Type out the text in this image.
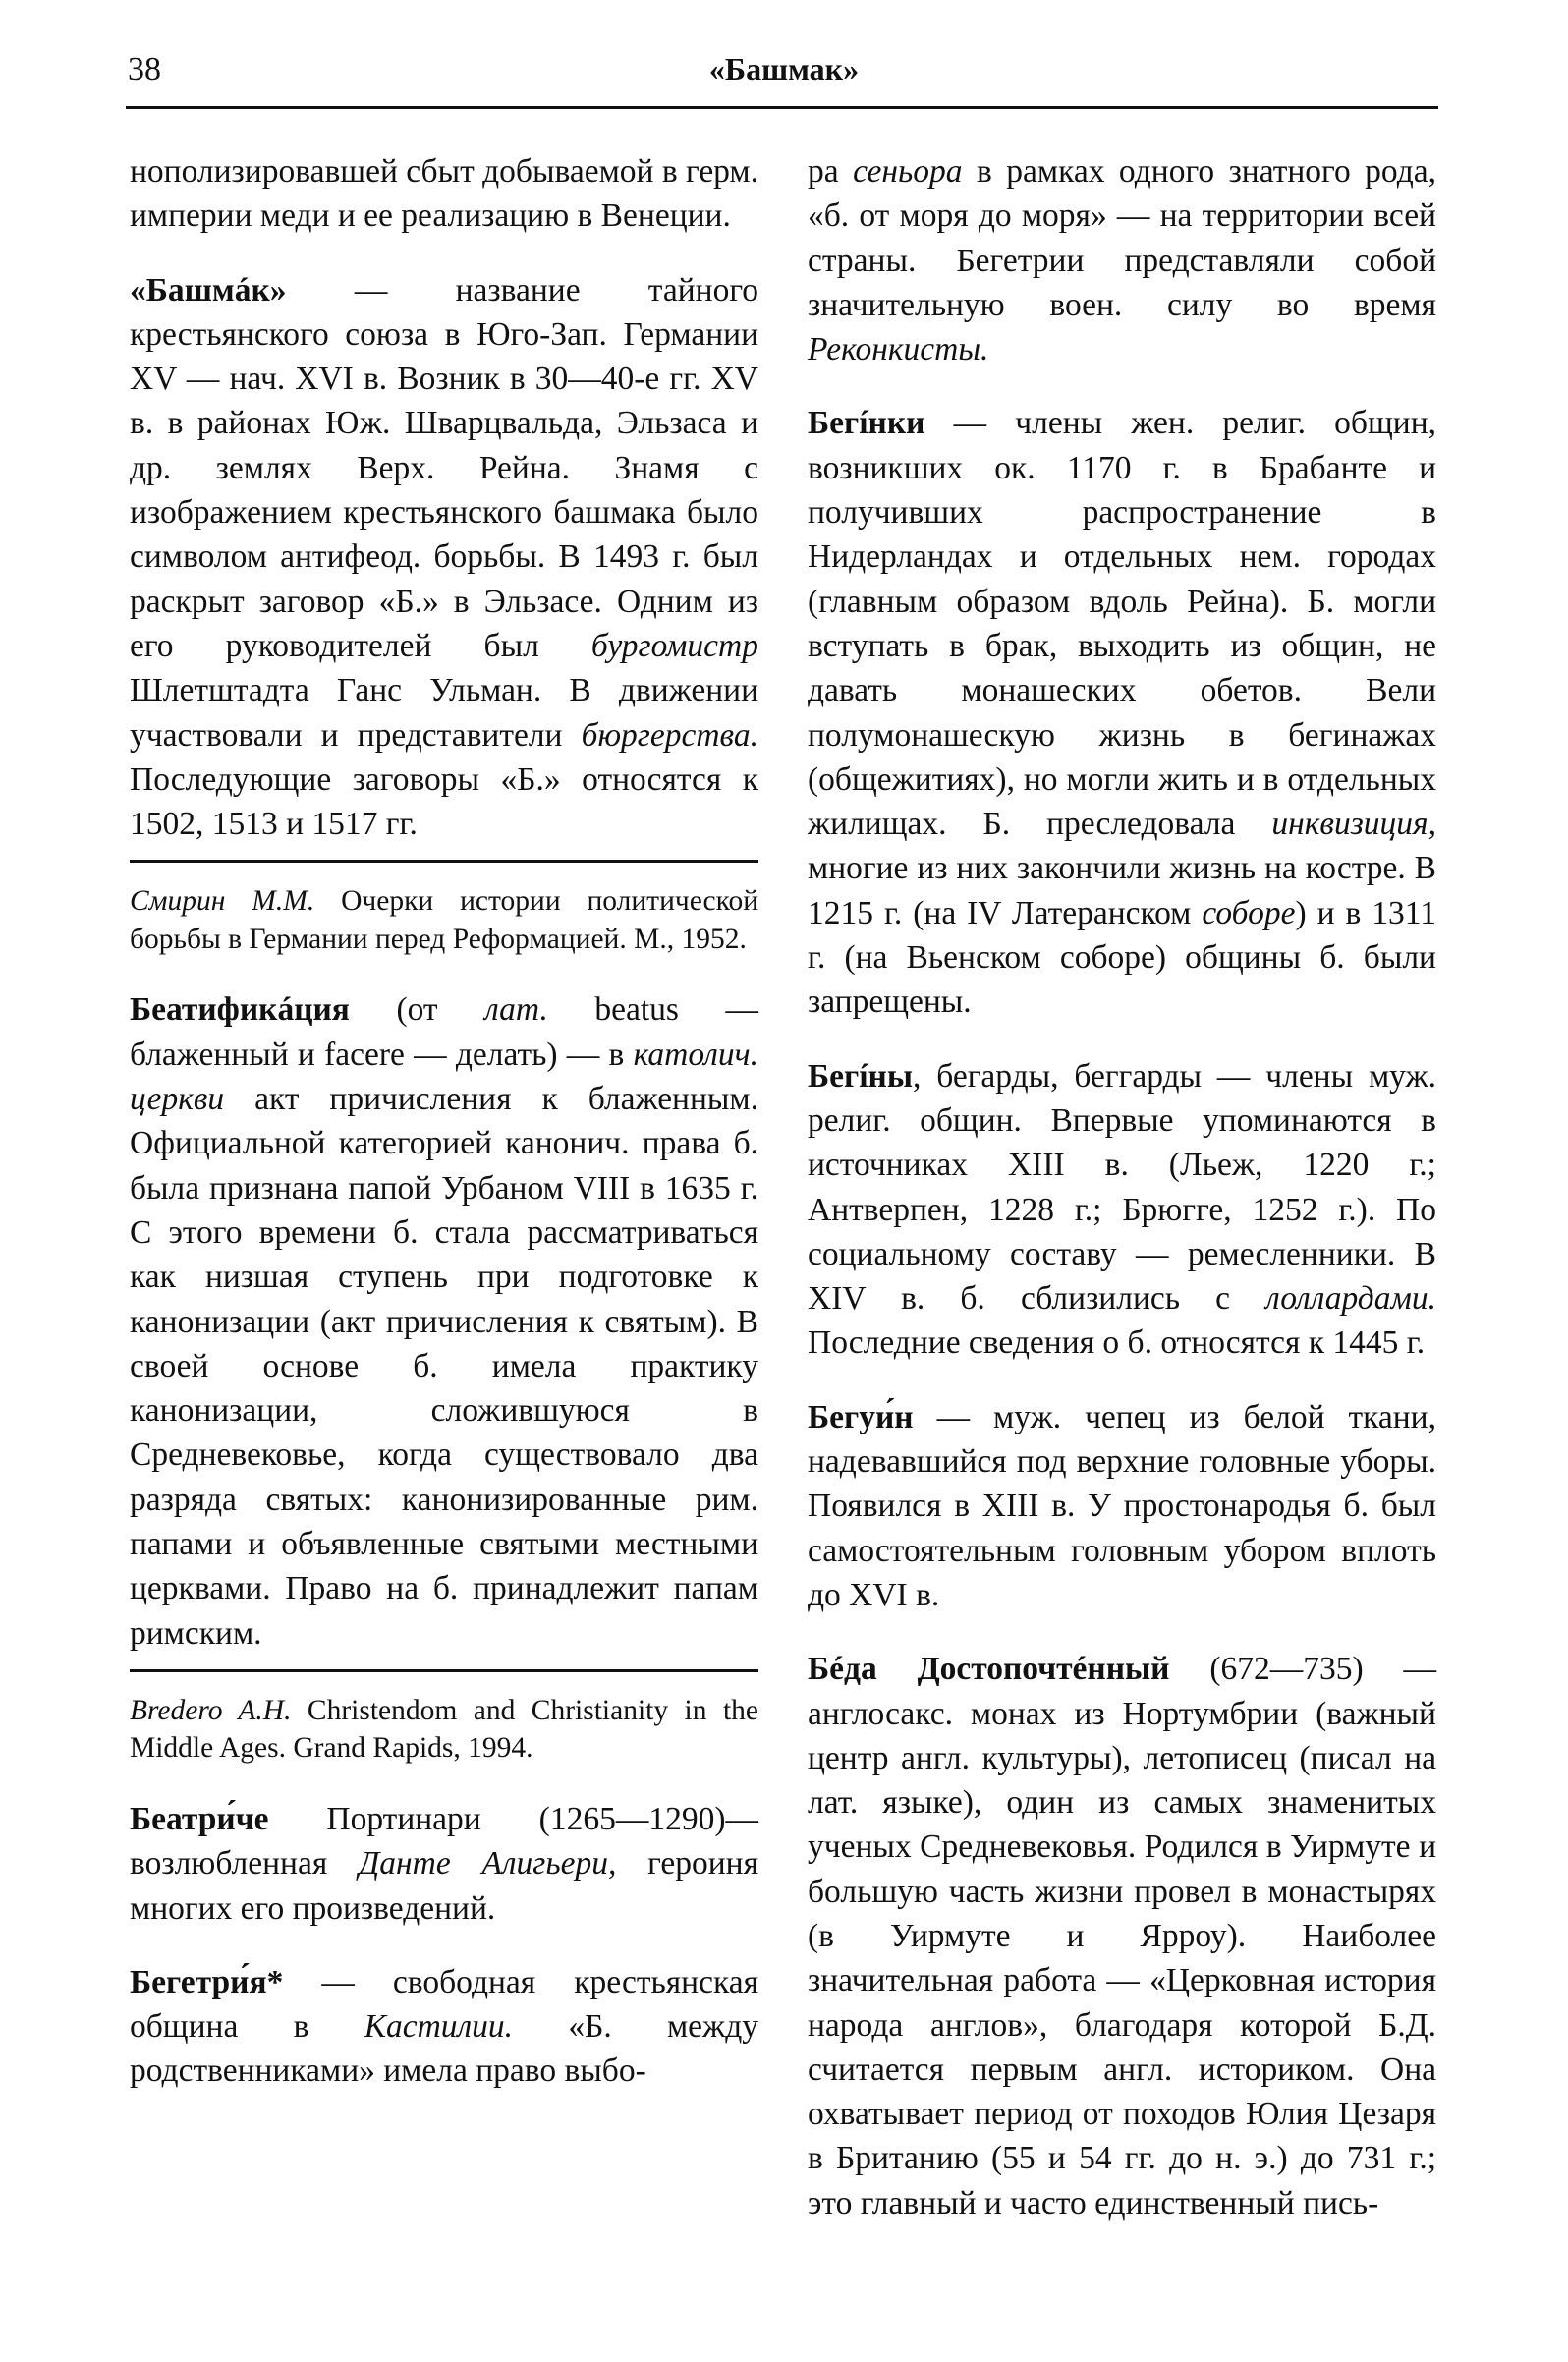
38	«Башмак»

нополизировавшей сбыт добываемой в герм. империи меди и ее реализацию в Венеции.

«Башмáк» — название тайного крестьянского союза в Юго-Зап. Германии XV — нач. XVI в. Возник в 30—40-е гг. XV в. в районах Юж. Шварцвальда, Эльзаса и др. землях Верх. Рейна. Знамя с изображением крестьянского башмака было символом антифеод. борьбы. В 1493 г. был раскрыт заговор «Б.» в Эльзасе. Одним из его руководителей был бургомистр Шлетштадта Ганс Ульман. В движении участвовали и представители бюргерства. Последующие заговоры «Б.» относятся к 1502, 1513 и 1517 гг.

Смирин М.М. Очерки истории политической борьбы в Германии перед Реформацией. М., 1952.

Беатификáция (от лат. beatus — блаженный и facere — делать) — в католич. церкви акт причисления к блаженным. Официальной категорией канонич. права б. была признана папой Урбаном VIII в 1635 г. С этого времени б. стала рассматриваться как низшая ступень при подготовке к канонизации (акт причисления к святым). В своей основе б. имела практику канонизации, сложившуюся в Средневековье, когда существовало два разряда святых: канонизированные рим. папами и объявленные святыми местными церквами. Право на б. принадлежит папам римским.

Bredero A.H. Christendom and Christianity in the Middle Ages. Grand Rapids, 1994.

Беатри́че Портинари (1265—1290)— возлюбленная Данте Алигьери, героиня многих его произведений.

Бегетри́я* — свободная крестьянская община в Кастилии. «Б. между родственниками» имела право выбо-

ра сеньора в рамках одного знатного рода, «б. от моря до моря» — на территории всей страны. Бегетрии представляли собой значительную воен. силу во время Реконкисты.

Бегíнки — члены жен. религ. общин, возникших ок. 1170 г. в Брабанте и получивших распространение в Нидерландах и отдельных нем. городах (главным образом вдоль Рейна). Б. могли вступать в брак, выходить из общин, не давать монашеских обетов. Вели полумонашескую жизнь в бегинажах (общежитиях), но могли жить и в отдельных жилищах. Б. преследовала инквизиция, многие из них закончили жизнь на костре. В 1215 г. (на IV Латеранском соборе) и в 1311 г. (на Вьенском соборе) общины б. были запрещены.

Бегíны, бегарды, беггарды — члены муж. религ. общин. Впервые упоминаются в источниках XIII в. (Льеж, 1220 г.; Антверпен, 1228 г.; Брюгге, 1252 г.). По социальному составу — ремесленники. В XIV в. б. сблизились с лоллардами. Последние сведения о б. относятся к 1445 г.

Бегуи́н — муж. чепец из белой ткани, надевавшийся под верхние головные уборы. Появился в XIII в. У простонародья б. был самостоятельным головным убором вплоть до XVI в.

Бéда Достопочтéнный (672—735) — англосакс. монах из Нортумбрии (важный центр англ. культуры), летописец (писал на лат. языке), один из самых знаменитых ученых Средневековья. Родился в Уирмуте и большую часть жизни провел в монастырях (в Уирмуте и Ярроу). Наиболее значительная работа — «Церковная история народа англов», благодаря которой Б.Д. считается первым англ. историком. Она охватывает период от походов Юлия Цезаря в Британию (55 и 54 гг. до н. э.) до 731 г.; это главный и часто единственный пись-
